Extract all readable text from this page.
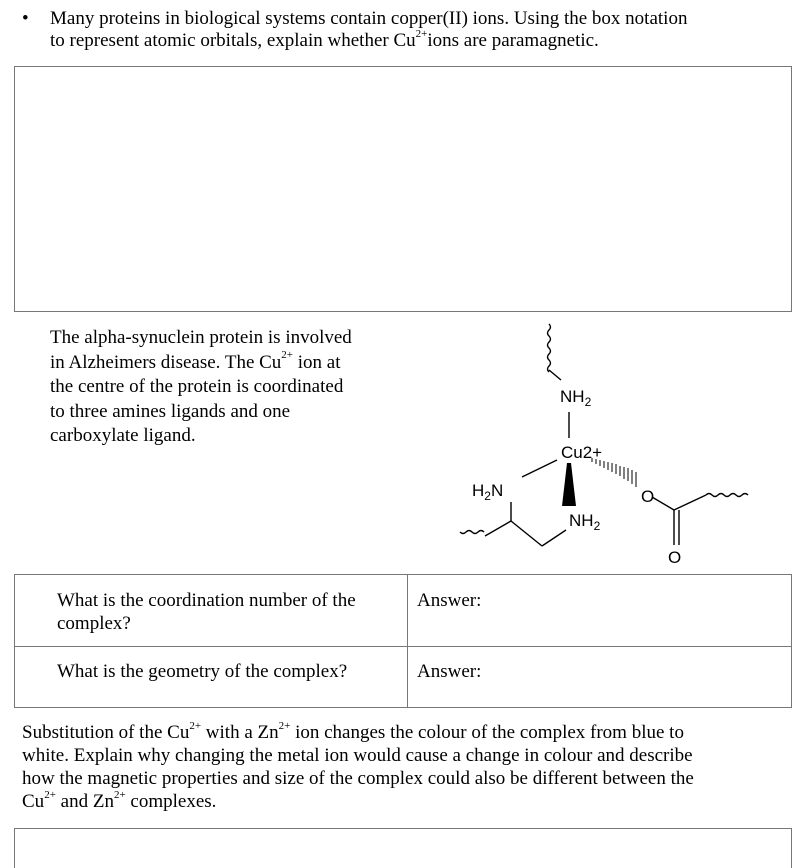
• Many proteins in biological systems contain copper(II) ions. Using the box notation
to represent atomic orbitals, explain whether $Cu^{2+}ions$ are paramagnetic.
The alpha-synuclein protein is involved
in Alzheimers disease. The $Cu^{2+}$ ion at
the centre of the protein is coordinated
to three amines ligands and one
carboxylate ligand.
$NH_2$
Cu2+
$H_2N$
$NH_2$
O
O
What is the coordination number of the
complex?
Answer:
What is the geometry of the complex?	Answer:
Substitution of the $Cu^{2+}$ with a $Zn^{2+}$ ion changes the colour of the complex from blue to
white. Explain why changing the metal ion would cause a change in colour and describe
how the magnetic properties and size of the complex could also be different between the
$Cu^{2+}$ and $Zn^{2+}$ complexes.
